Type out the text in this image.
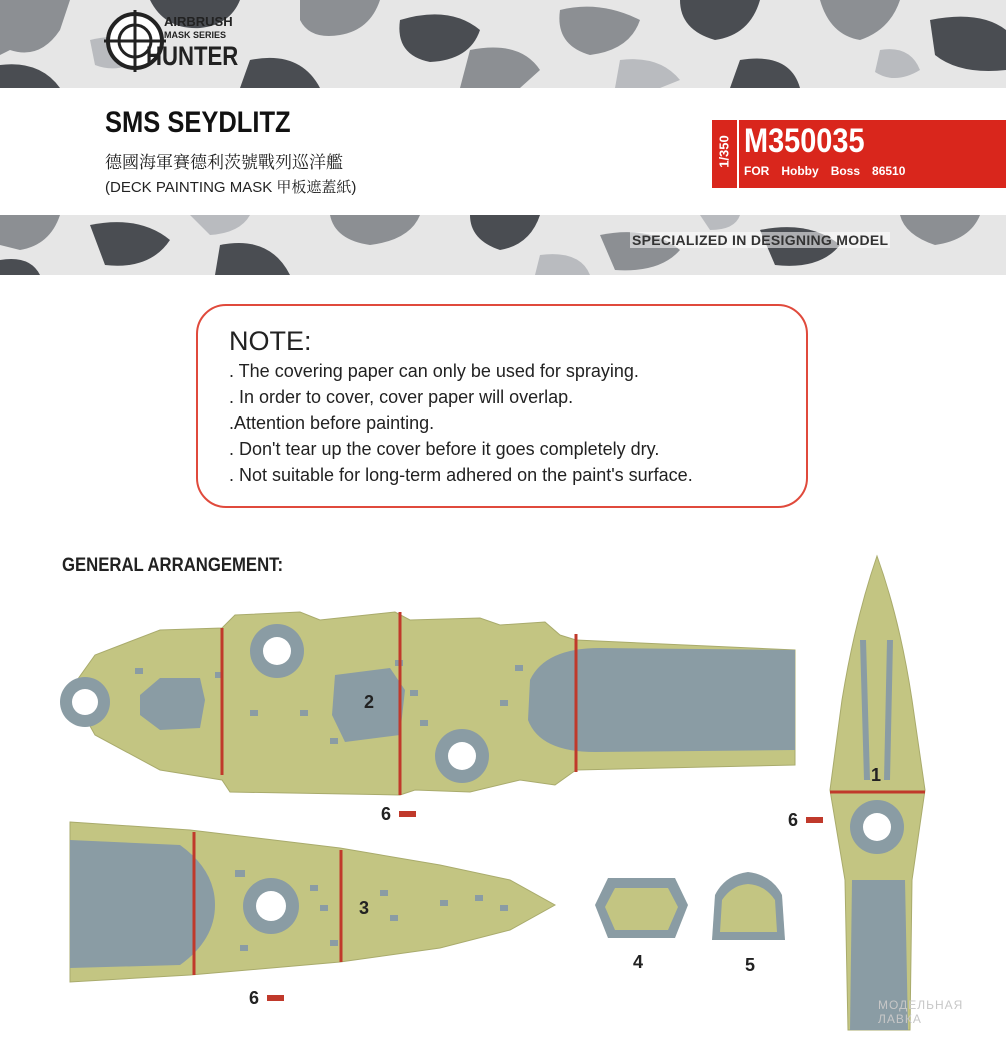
AIRBRUSH
MASK SERIES
HUNTER
SMS SEYDLITZ
德國海軍賽德利茨號戰列巡洋艦
(DECK PAINTING MASK 甲板遮蓋紙)
1/350 M350035
FOR Hobby Boss 86510
SPECIALIZED IN DESIGNING MODEL
NOTE:
. The covering paper can only be used for spraying.
. In order to cover, cover paper will overlap.
.Attention before painting.
. Don't tear up the cover before it goes completely dry.
. Not suitable for long-term adhered on the paint's surface.
GENERAL ARRANGEMENT:
2
3
4	5
1
6	6
6	МОДЕЛЬНАЯ
ЛАВКА
